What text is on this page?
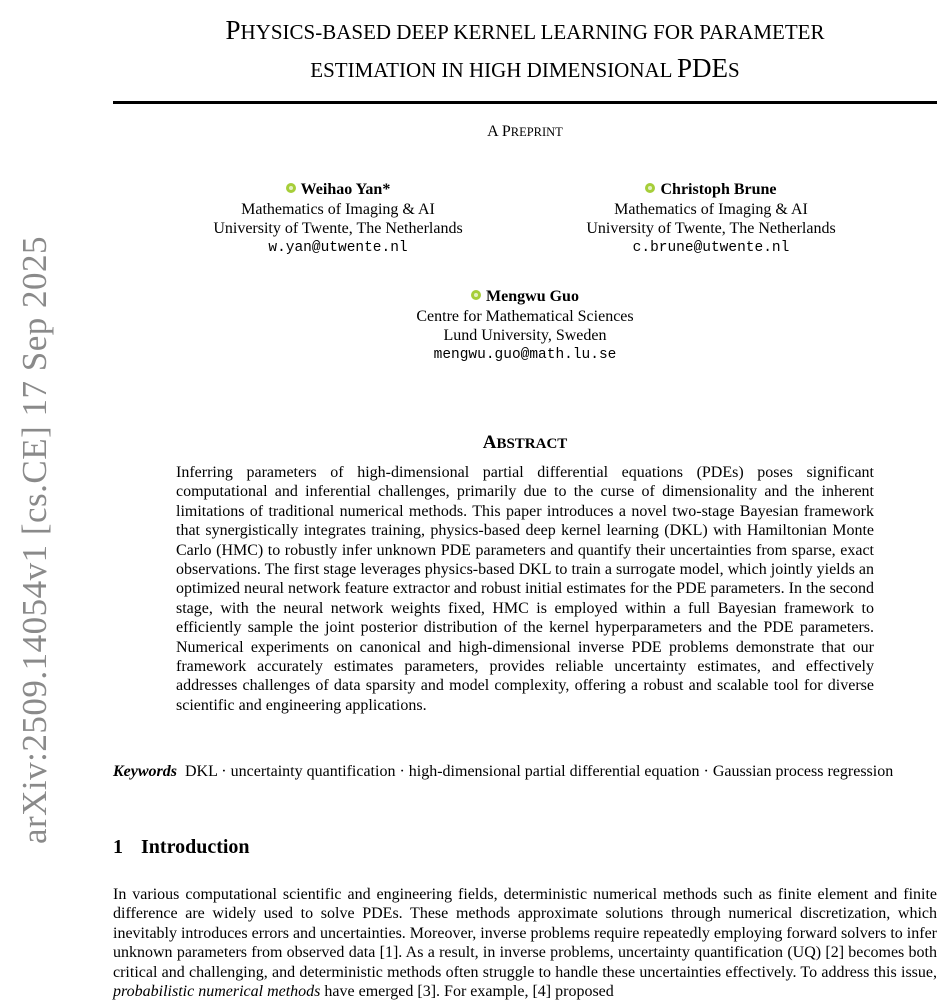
arXiv:2509.14054v1 [cs.CE] 17 Sep 2025
PHYSICS-BASED DEEP KERNEL LEARNING FOR PARAMETER
ESTIMATION IN HIGH DIMENSIONAL PDES
A PREPRINT
Weihao Yan*
Mathematics of Imaging & AI
University of Twente, The Netherlands
w.yan@utwente.nl
Christoph Brune
Mathematics of Imaging & AI
University of Twente, The Netherlands
c.brune@utwente.nl
Mengwu Guo
Centre for Mathematical Sciences
Lund University, Sweden
mengwu.guo@math.lu.se
ABSTRACT

Inferring parameters of high-dimensional partial differential equations (PDEs) poses significant computational and inferential challenges, primarily due to the curse of dimensionality and the inherent limitations of traditional numerical methods. This paper introduces a novel two-stage Bayesian framework that synergistically integrates training, physics-based deep kernel learning (DKL) with Hamiltonian Monte Carlo (HMC) to robustly infer unknown PDE parameters and quantify their uncertainties from sparse, exact observations. The first stage leverages physics-based DKL to train a surrogate model, which jointly yields an optimized neural network feature extractor and robust initial estimates for the PDE parameters. In the second stage, with the neural network weights fixed, HMC is employed within a full Bayesian framework to efficiently sample the joint posterior distribution of the kernel hyperparameters and the PDE parameters. Numerical experiments on canonical and high-dimensional inverse PDE problems demonstrate that our framework accurately estimates parameters, provides reliable uncertainty estimates, and effectively addresses challenges of data sparsity and model complexity, offering a robust and scalable tool for diverse scientific and engineering applications.

Keywords DKL · uncertainty quantification · high-dimensional partial differential equation · Gaussian process regression

1 Introduction

In various computational scientific and engineering fields, deterministic numerical methods such as finite element and finite difference are widely used to solve PDEs. These methods approximate solutions through numerical discretization, which inevitably introduces errors and uncertainties. Moreover, inverse problems require repeatedly employing forward solvers to infer unknown parameters from observed data [1]. As a result, in inverse problems, uncertainty quantification (UQ) [2] becomes both critical and challenging, and deterministic methods often struggle to handle these uncertainties effectively. To address this issue, probabilistic numerical methods have emerged [3]. For example, [4] proposed
